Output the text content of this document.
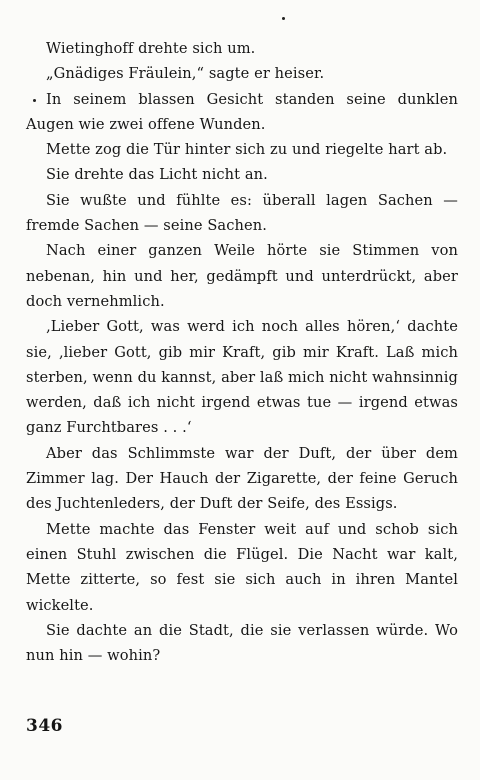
Wietinghoff drehte sich um.

„Gnädiges Fräulein,“ sagte er heiser.

In seinem blassen Gesicht standen seine dunklen Augen wie zwei offene Wunden.

Mette zog die Tür hinter sich zu und riegelte hart ab.

Sie drehte das Licht nicht an.

Sie wußte und fühlte es: überall lagen Sachen — fremde Sachen — seine Sachen.

Nach einer ganzen Weile hörte sie Stimmen von nebenan, hin und her, gedämpft und unterdrückt, aber doch vernehmlich.

‚Lieber Gott, was werd ich noch alles hören,‘ dachte sie, ‚lieber Gott, gib mir Kraft, gib mir Kraft. Laß mich sterben, wenn du kannst, aber laß mich nicht wahnsinnig werden, daß ich nicht irgend etwas tue — irgend etwas ganz Furchtbares . . .‘

Aber das Schlimmste war der Duft, der über dem Zimmer lag. Der Hauch der Zigarette, der feine Geruch des Juchtenleders, der Duft der Seife, des Essigs.

Mette machte das Fenster weit auf und schob sich einen Stuhl zwischen die Flügel. Die Nacht war kalt, Mette zitterte, so fest sie sich auch in ihren Mantel wickelte.

Sie dachte an die Stadt, die sie verlassen würde. Wo nun hin — wohin?

346
